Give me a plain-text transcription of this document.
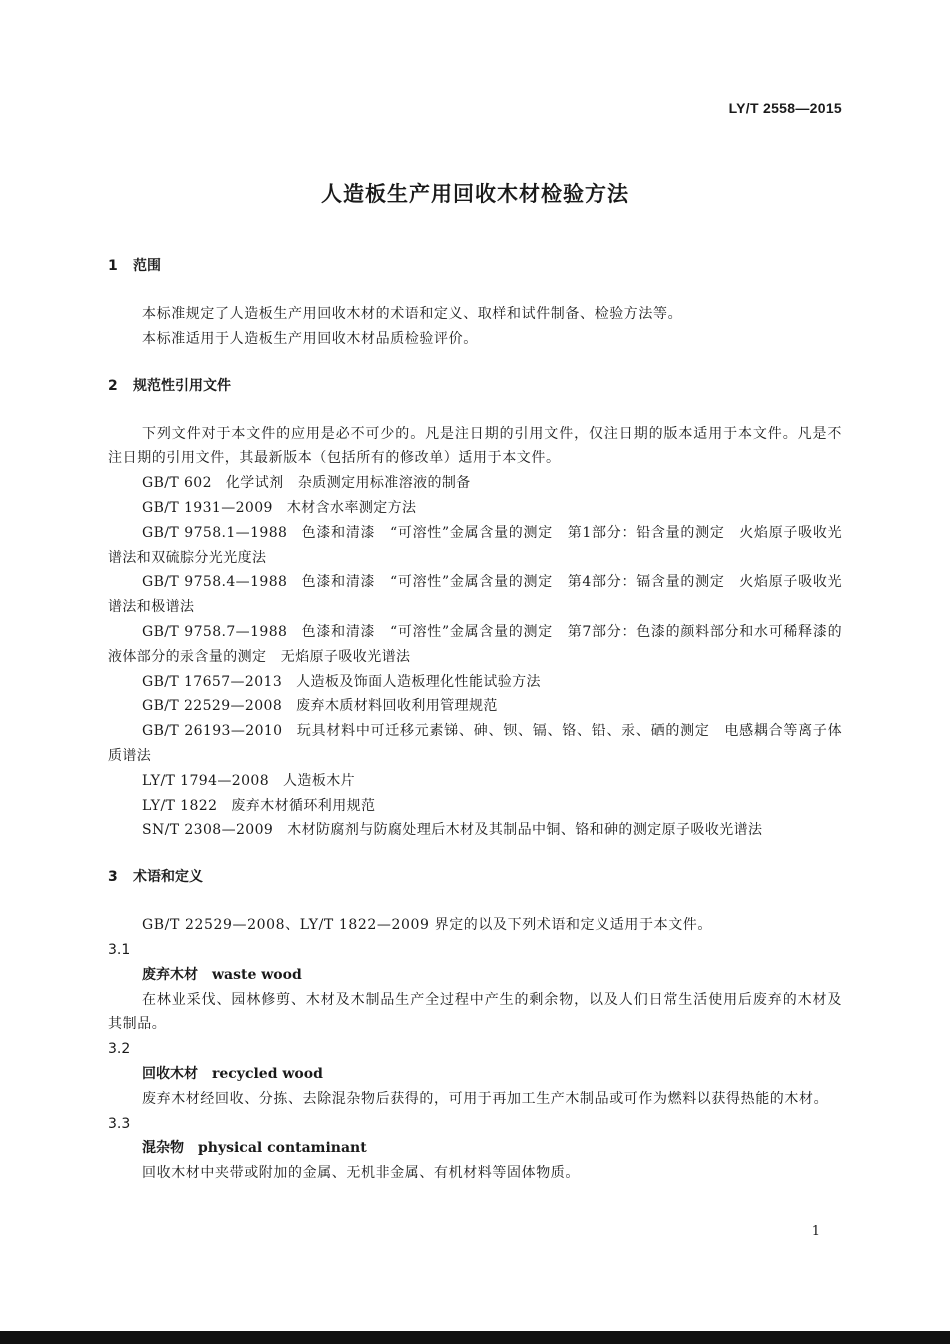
LY/T 2558—2015
人造板生产用回收木材检验方法
1 范围
本标准规定了人造板生产用回收木材的术语和定义、取样和试件制备、检验方法等。
本标准适用于人造板生产用回收木材品质检验评价。
2 规范性引用文件
下列文件对于本文件的应用是必不可少的。凡是注日期的引用文件，仅注日期的版本适用于本文件。凡是不注日期的引用文件，其最新版本（包括所有的修改单）适用于本文件。
GB/T 602 化学试剂　杂质测定用标准溶液的制备
GB/T 1931—2009 木材含水率测定方法
GB/T 9758.1—1988 色漆和清漆　“可溶性”金属含量的测定　第1部分：铅含量的测定　火焰原子吸收光谱法和双硫腙分光光度法
GB/T 9758.4—1988 色漆和清漆　“可溶性”金属含量的测定　第4部分：镉含量的测定　火焰原子吸收光谱法和极谱法
GB/T 9758.7—1988 色漆和清漆　“可溶性”金属含量的测定　第7部分：色漆的颜料部分和水可稀释漆的液体部分的汞含量的测定　无焰原子吸收光谱法
GB/T 17657—2013 人造板及饰面人造板理化性能试验方法
GB/T 22529—2008 废弃木质材料回收利用管理规范
GB/T 26193—2010 玩具材料中可迁移元素锑、砷、钡、镉、铬、铅、汞、硒的测定　电感耦合等离子体质谱法
LY/T 1794—2008 人造板木片
LY/T 1822 废弃木材循环利用规范
SN/T 2308—2009 木材防腐剂与防腐处理后木材及其制品中铜、铬和砷的测定原子吸收光谱法
3 术语和定义
GB/T 22529—2008、LY/T 1822—2009 界定的以及下列术语和定义适用于本文件。
3.1
废弃木材 waste wood
在林业采伐、园林修剪、木材及木制品生产全过程中产生的剩余物，以及人们日常生活使用后废弃的木材及其制品。
3.2
回收木材 recycled wood
废弃木材经回收、分拣、去除混杂物后获得的，可用于再加工生产木制品或可作为燃料以获得热能的木材。
3.3
混杂物 physical contaminant
回收木材中夹带或附加的金属、无机非金属、有机材料等固体物质。
1
